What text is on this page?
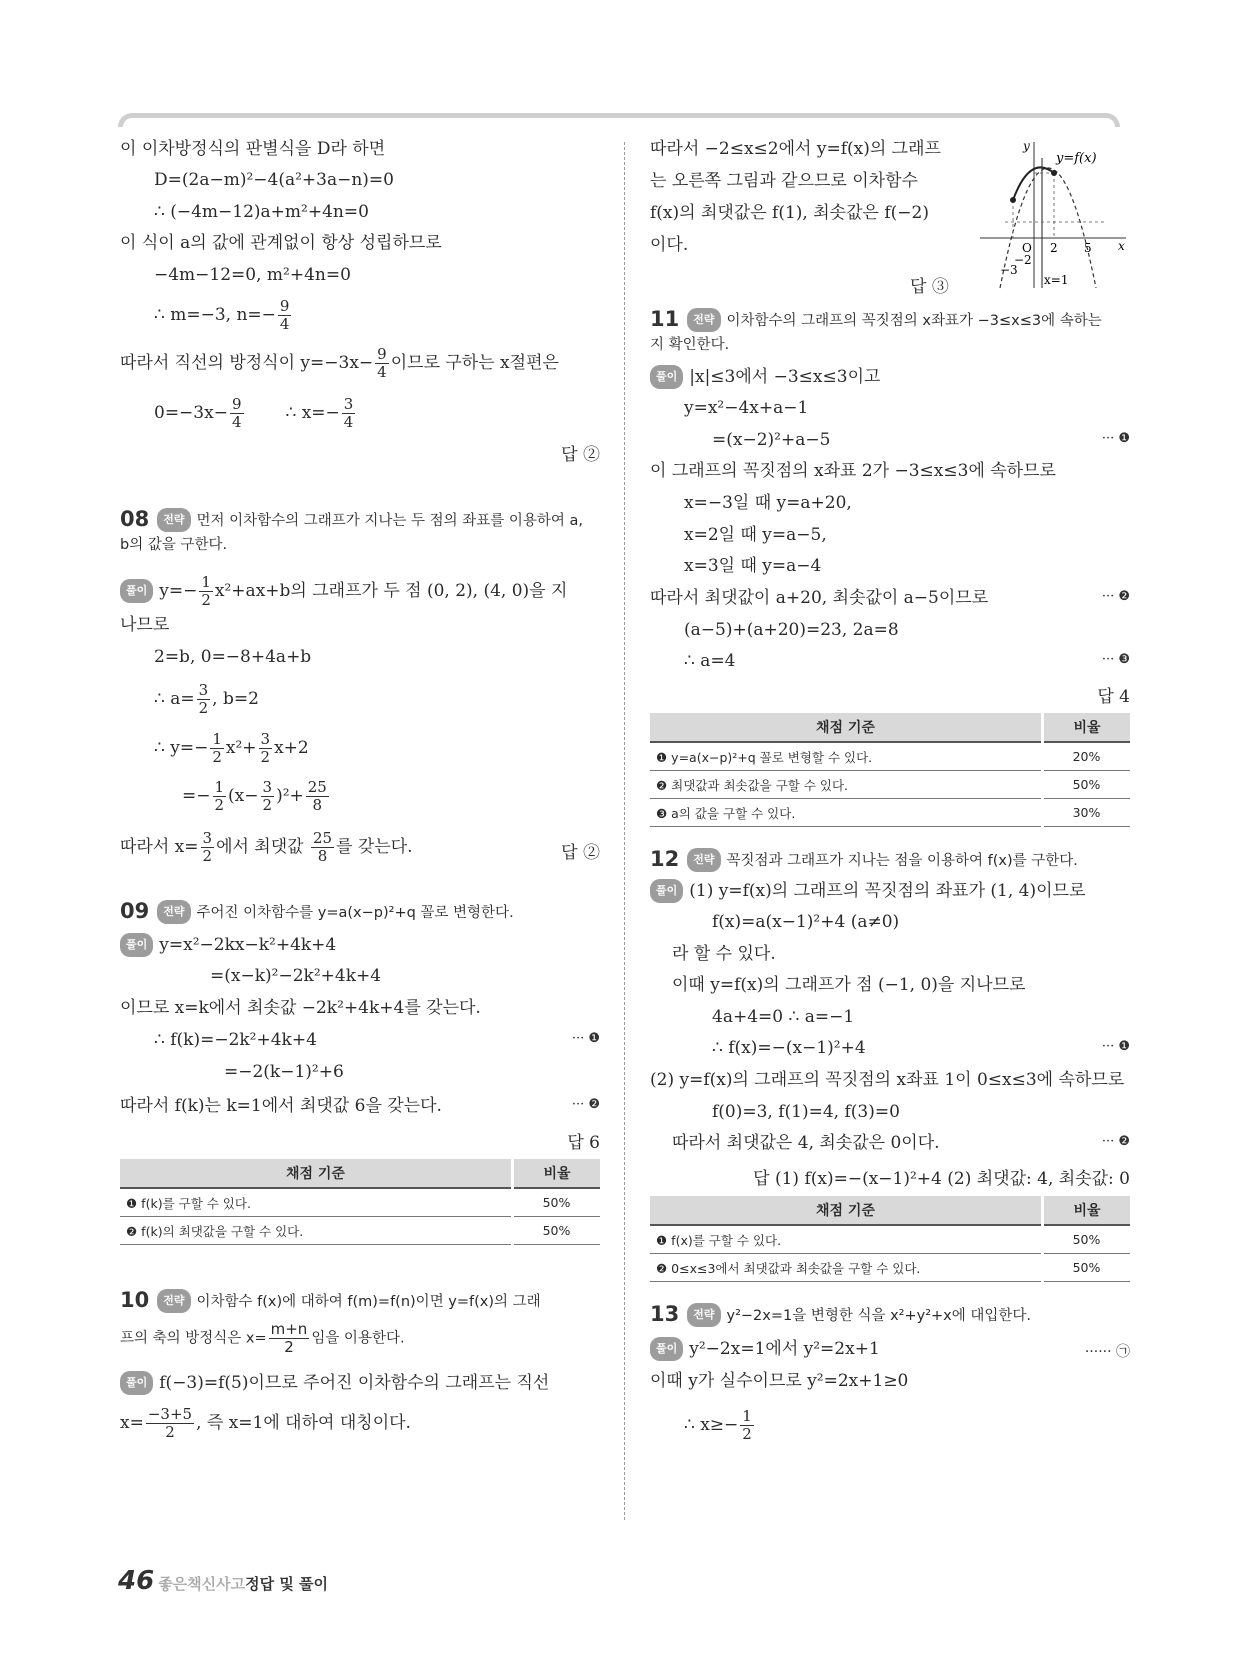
이 이차방정식의 판별식을 D라 하면
D=(2a−m)²−4(a²+3a−n)=0
∴ (−4m−12)a+m²+4n=0
이 식이 a의 값에 관계없이 항상 성립하므로
−4m−12=0, m²+4n=0
∴ m=−3, $n=- \frac{9}{4}$
따라서 직선의 방정식이 $y=-3x- \frac{9}{4}$ 이므로 구하는 x절편은
$0=-3x- \frac{9}{4}$ ∴ $x=- \frac{3}{4}$
답 ②
08 전략 먼저 이차함수의 그래프가 지나는 두 점의 좌표를 이용하여 a,
b의 값을 구한다.
풀이 $y=- \frac{1}{2} x^2+ax+b$의 그래프가 두 점 (0, 2), (4, 0)을 지
나므로
2=b, 0=−8+4a+b
∴ $a= \frac{3}{2}$ , b=2
∴ $y=- \frac{1}{2} x^2+ \frac{3}{2} x+2$
=− $\frac{1}{2} (x- \frac{3}{2} )^2+ \frac{25}{8}$
따라서 $x= \frac{3}{2}$ 에서 최댓값 $\frac{25}{8}$ 를 갖는다.	답 ②
09 전략 주어진 이차함수를 y=a(x−p)²+q 꼴로 변형한다.
풀이 y=x²−2kx−k²+4k+4
=(x−k)²−2k²+4k+4
이므로 x=k에서 최솟값 −2k²+4k+4를 갖는다.
∴ f(k)=−2k²+4k+4	··· ❶
=−2(k−1)²+6
따라서 f(k)는 k=1에서 최댓값 6을 갖는다.	··· ❷
답 6
채점 기준	비율
❶ f(k)를 구할 수 있다.	50%
❷ f(k)의 최댓값을 구할 수 있다.	50%
10 전략 이차함수 f(x)에 대하여 f(m)=f(n)이면 y=f(x)의 그래
프의 축의 방정식은 $x= \frac{m+n}{2}$ 임을 이용한다.
풀이 f(−3)=f(5)이므로 주어진 이차함수의 그래프는 직선
$x= \frac{-3+5}{2}$ , 즉 x=1에 대하여 대칭이다.
따라서 −2≤x≤2에서 y=f(x)의 그래프
는 오른쪽 그림과 같으므로 이차함수
f(x)의 최댓값은 f(1), 최솟값은 f(−2)
이다.
답 ③
y=f(x)
y
x
O
−3
−2
2 5
x=1
11 전략 이차함수의 그래프의 꼭짓점의 x좌표가 −3≤x≤3에 속하는
지 확인한다.
풀이 |x|≤3에서 −3≤x≤3이고
y=x²−4x+a−1
=(x−2)²+a−5	··· ❶
이 그래프의 꼭짓점의 x좌표 2가 −3≤x≤3에 속하므로
x=−3일 때 y=a+20,
x=2일 때 y=a−5,
x=3일 때 y=a−4
따라서 최댓값이 a+20, 최솟값이 a−5이므로	··· ❷
(a−5)+(a+20)=23, 2a=8
∴ a=4	··· ❸
답 4
채점 기준	비율
❶ y=a(x−p)²+q 꼴로 변형할 수 있다.	20%
❷ 최댓값과 최솟값을 구할 수 있다.	50%
❸ a의 값을 구할 수 있다.	30%
12 전략 꼭짓점과 그래프가 지나는 점을 이용하여 f(x)를 구한다.
풀이 (1) y=f(x)의 그래프의 꼭짓점의 좌표가 (1, 4)이므로
f(x)=a(x−1)²+4 (a≠0)
라 할 수 있다.
이때 y=f(x)의 그래프가 점 (−1, 0)을 지나므로
4a+4=0 ∴ a=−1
∴ f(x)=−(x−1)²+4	··· ❶
(2) y=f(x)의 그래프의 꼭짓점의 x좌표 1이 0≤x≤3에 속하므로
f(0)=3, f(1)=4, f(3)=0
따라서 최댓값은 4, 최솟값은 0이다.	··· ❷
답 (1) f(x)=−(x−1)²+4 (2) 최댓값: 4, 최솟값: 0
채점 기준	비율
❶ f(x)를 구할 수 있다.	50%
❷ 0≤x≤3에서 최댓값과 최솟값을 구할 수 있다.	50%
13 전략 y²−2x=1을 변형한 식을 x²+y²+x에 대입한다.
풀이 y²−2x=1에서 y²=2x+1	······ ㉠
이때 y가 실수이므로 y²=2x+1≥0
∴ $x\ge- \frac{1}{2}$
46 좋은책신사고정답 및 풀이
